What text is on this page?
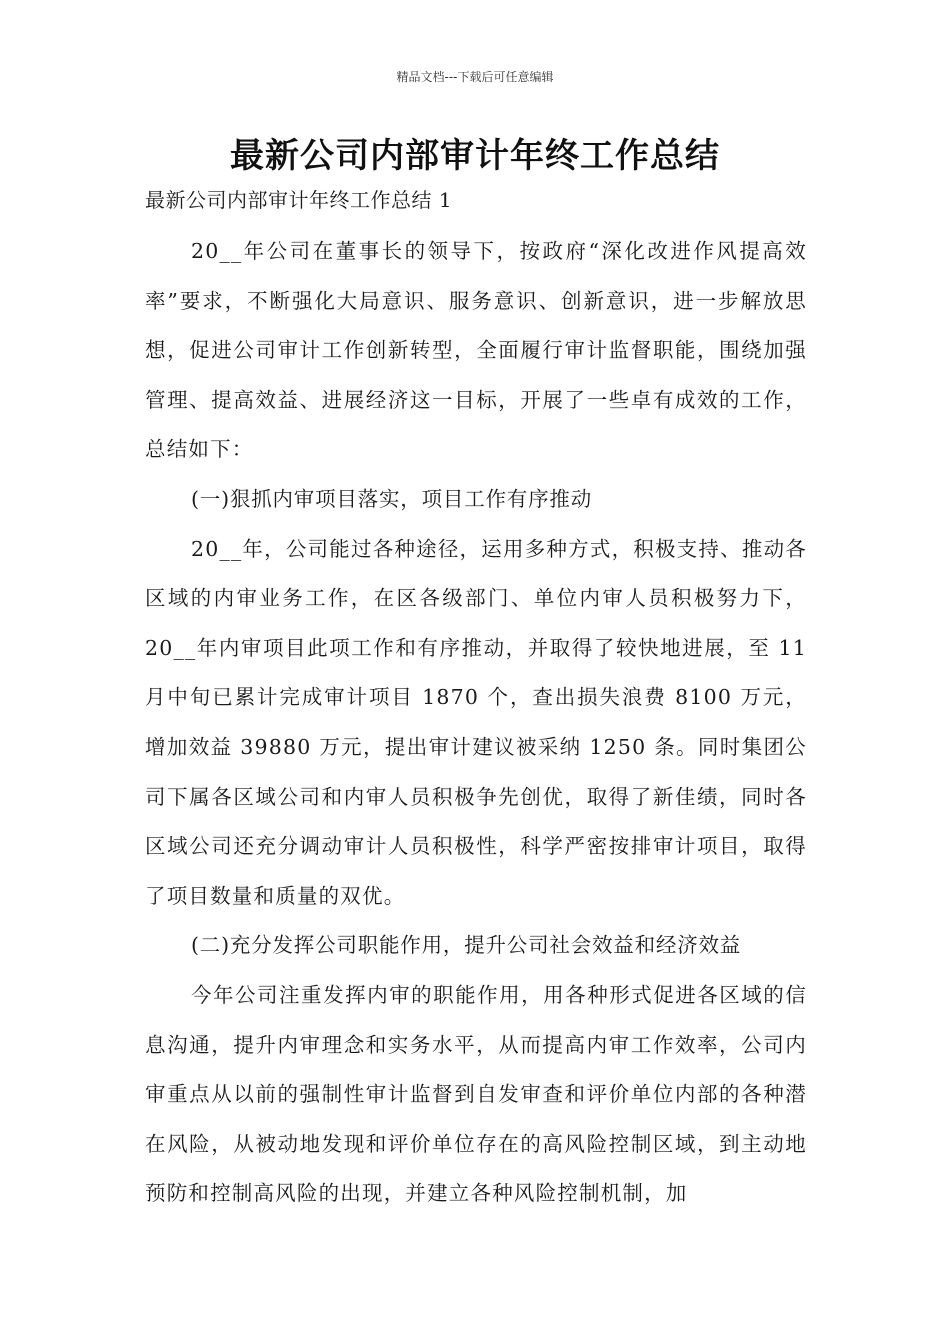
精品文档---下载后可任意编辑
最新公司内部审计年终工作总结

最新公司内部审计年终工作总结 1

20__年公司在董事长的领导下，按政府“深化改进作风提高效率”要求，不断强化大局意识、服务意识、创新意识，进一步解放思想，促进公司审计工作创新转型，全面履行审计监督职能，围绕加强管理、提高效益、进展经济这一目标，开展了一些卓有成效的工作，总结如下：

(一)狠抓内审项目落实，项目工作有序推动

20__年，公司能过各种途径，运用多种方式，积极支持、推动各区域的内审业务工作，在区各级部门、单位内审人员积极努力下，20__年内审项目此项工作和有序推动，并取得了较快地进展，至 11 月中旬已累计完成审计项目 1870 个，查出损失浪费 8100 万元，增加效益 39880 万元，提出审计建议被采纳 1250 条。同时集团公司下属各区域公司和内审人员积极争先创优，取得了新佳绩，同时各区域公司还充分调动审计人员积极性，科学严密按排审计项目，取得了项目数量和质量的双优。

(二)充分发挥公司职能作用，提升公司社会效益和经济效益

今年公司注重发挥内审的职能作用，用各种形式促进各区域的信息沟通，提升内审理念和实务水平，从而提高内审工作效率，公司内审重点从以前的强制性审计监督到自发审查和评价单位内部的各种潜在风险，从被动地发现和评价单位存在的高风险控制区域，到主动地预防和控制高风险的出现，并建立各种风险控制机制，加
